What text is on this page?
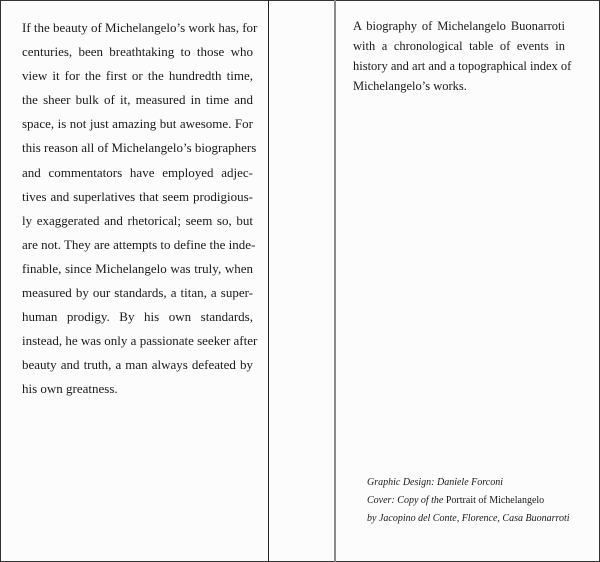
If the beauty of Michelangelo’s work has, for
centuries, been breathtaking to those who
view it for the first or the hundredth time,
the sheer bulk of it, measured in time and
space, is not just amazing but awesome. For
this reason all of Michelangelo’s biographers
and commentators have employed adjec-
tives and superlatives that seem prodigious-
ly exaggerated and rhetorical; seem so, but
are not. They are attempts to define the inde-
finable, since Michelangelo was truly, when
measured by our standards, a titan, a super-
human prodigy. By his own standards,
instead, he was only a passionate seeker after
beauty and truth, a man always defeated by
his own greatness.
A biography of Michelangelo Buonarroti
with a chronological table of events in
history and art and a topographical index of
Michelangelo’s works.
Graphic Design: Daniele Forconi
Cover: Copy of the Portrait of Michelangelo
by Jacopino del Conte, Florence, Casa Buonarroti
